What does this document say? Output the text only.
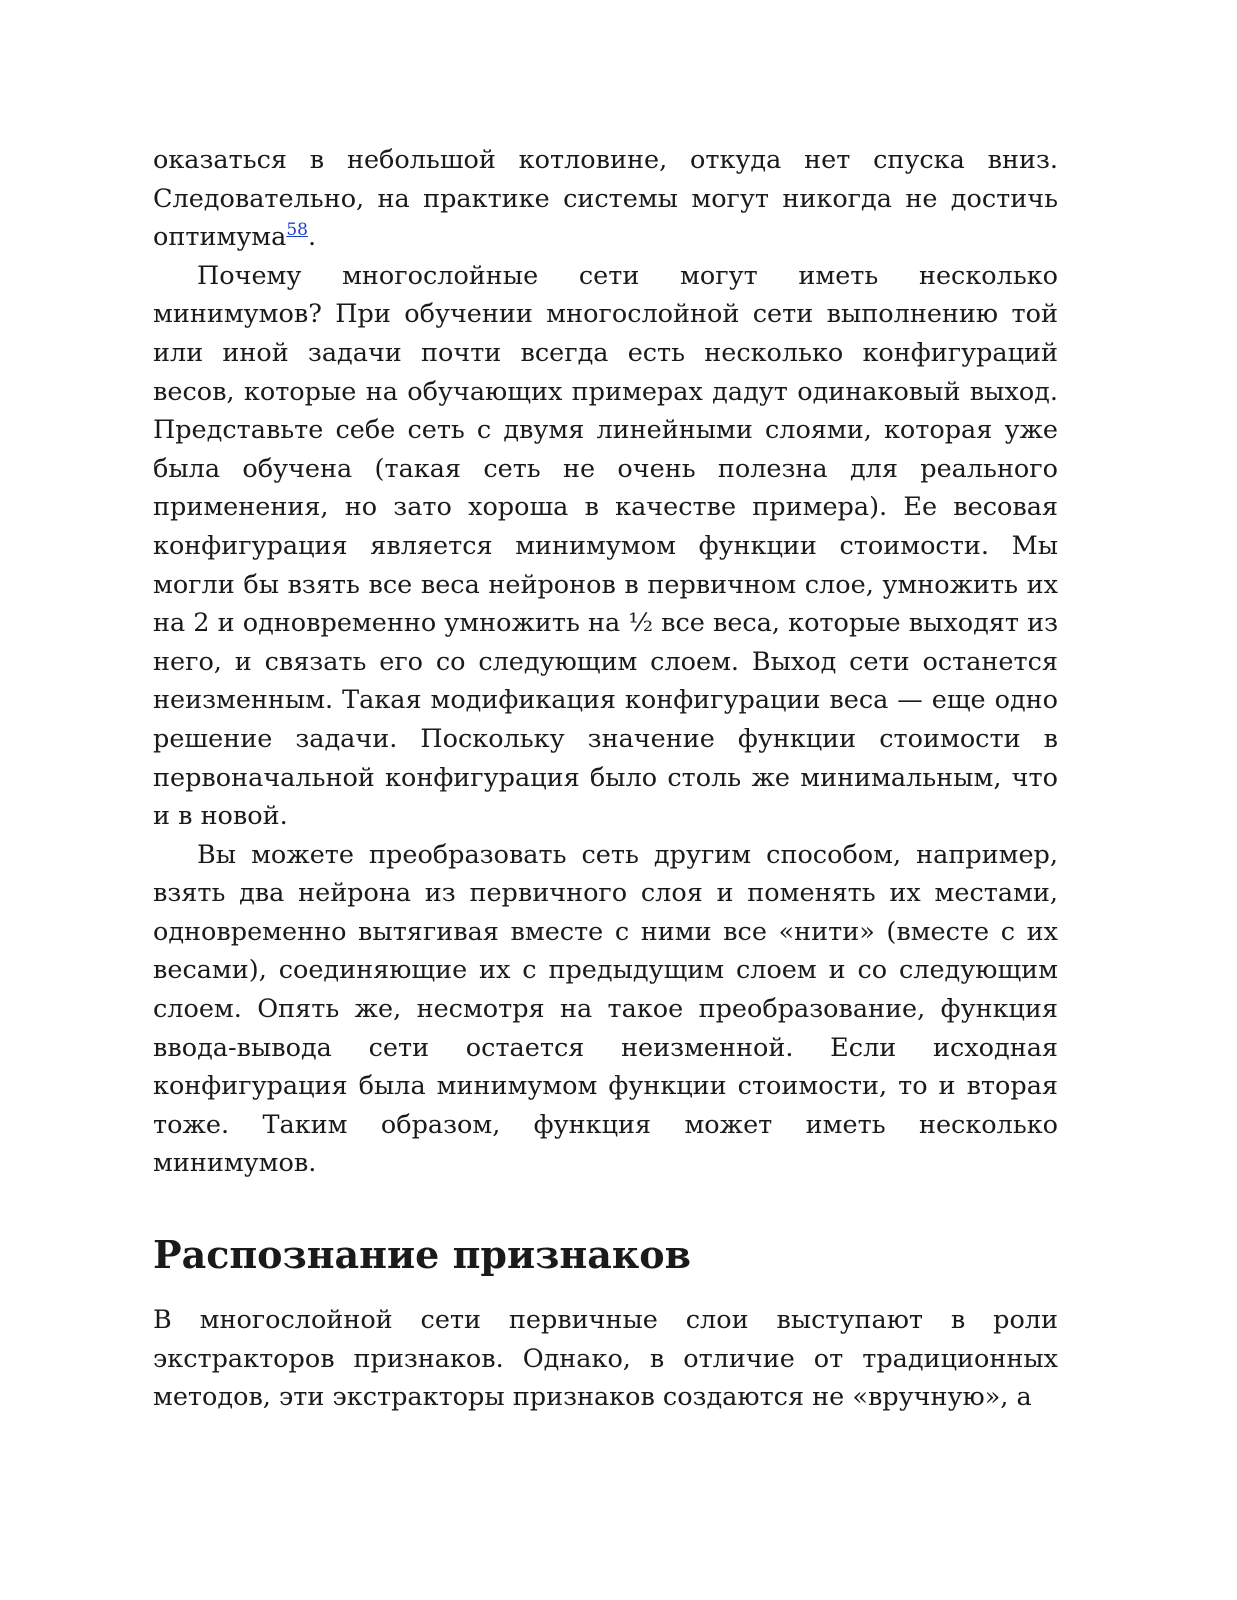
оказаться в небольшой котловине, откуда нет спуска вниз. Следовательно, на практике системы могут никогда не достичь оптимума$^{58}$.

Почему многослойные сети могут иметь несколько минимумов? При обучении многослойной сети выполнению той или иной задачи почти всегда есть несколько конфигураций весов, которые на обучающих примерах дадут одинаковый выход. Представьте себе сеть с двумя линейными слоями, которая уже была обучена (такая сеть не очень полезна для реального применения, но зато хороша в качестве примера). Ее весовая конфигурация является минимумом функции стоимости. Мы могли бы взять все веса нейронов в первичном слое, умножить их на 2 и одновременно умножить на ½ все веса, которые выходят из него, и связать его со следующим слоем. Выход сети останется неизменным. Такая модификация конфигурации веса — еще одно решение задачи. Поскольку значение функции стоимости в первоначальной конфигурация было столь же минимальным, что и в новой.

Вы можете преобразовать сеть другим способом, например, взять два нейрона из первичного слоя и поменять их местами, одновременно вытягивая вместе с ними все «нити» (вместе с их весами), соединяющие их с предыдущим слоем и со следующим слоем. Опять же, несмотря на такое преобразование, функция ввода-вывода сети остается неизменной. Если исходная конфигурация была минимумом функции стоимости, то и вторая тоже. Таким образом, функция может иметь несколько минимумов.

Распознание признаков

В многослойной сети первичные слои выступают в роли экстракторов признаков. Однако, в отличие от традиционных методов, эти экстракторы признаков создаются не «вручную», а
